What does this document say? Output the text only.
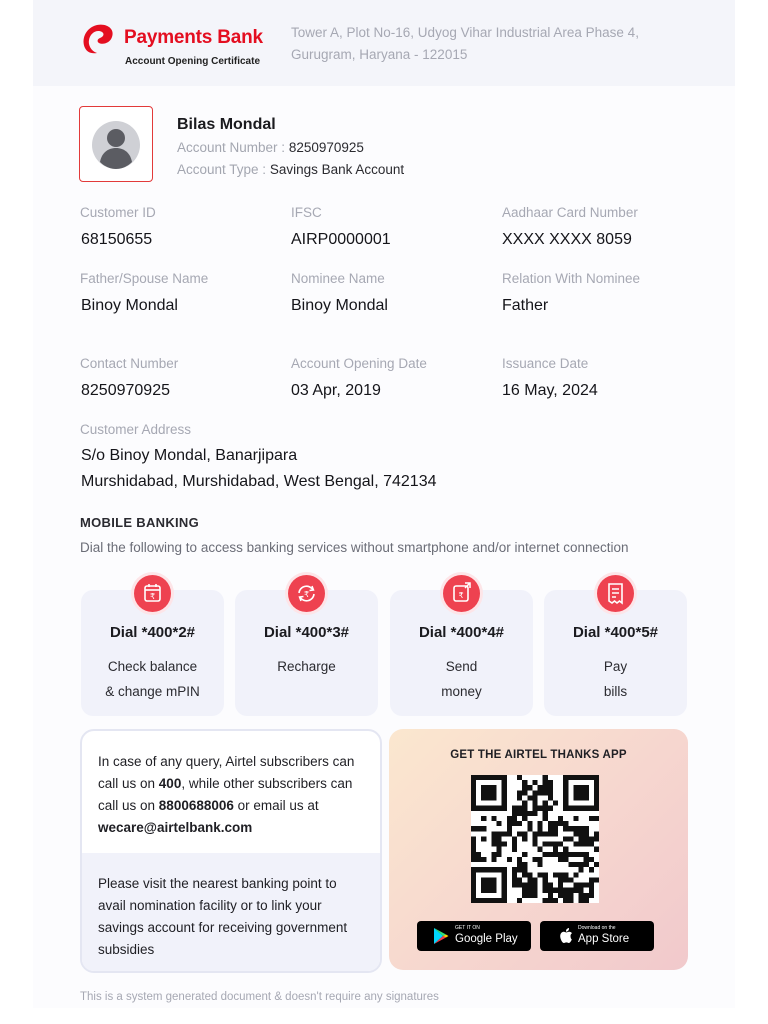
Payments Bank
Account Opening Certificate
Tower A, Plot No-16, Udyog Vihar Industrial Area Phase 4,
Gurugram, Haryana - 122015
Bilas Mondal
Account Number : 8250970925
Account Type : Savings Bank Account
Customer ID
68150655
IFSC
AIRP0000001
Aadhaar Card Number
XXXX XXXX 8059
Father/Spouse Name
Binoy Mondal
Nominee Name
Binoy Mondal
Relation With Nominee
Father
Contact Number
8250970925
Account Opening Date
03 Apr, 2019
Issuance Date
16 May, 2024
Customer Address
S/o Binoy Mondal, Banarjipara
Murshidabad, Murshidabad, West Bengal, 742134
MOBILE BANKING
Dial the following to access banking services without smartphone and/or internet connection
₹	₹	₹
Dial *400*2#	Dial *400*3#	Dial *400*4#	Dial *400*5#
Check balance
& change mPIN
Recharge	Send
money
Pay
bills
In case of any query, Airtel subscribers can call us on 400, while other subscribers can call us on 8800688006 or email us at wecare@airtelbank.com
Please visit the nearest banking point to avail nomination facility or to link your savings account for receiving government subsidies
GET THE AIRTEL THANKS APP
GET IT ON
Google Play
Download on the
App Store
This is a system generated document & doesn't require any signatures
